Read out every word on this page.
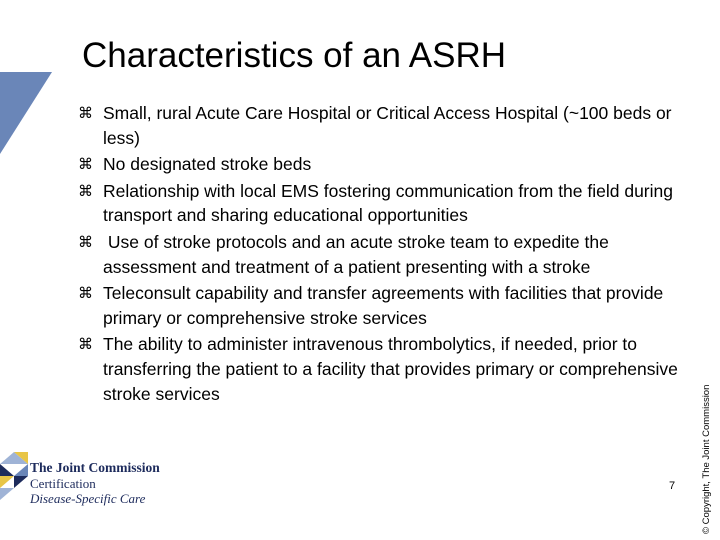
Characteristics of an ASRH
⌘ Small, rural Acute Care Hospital or Critical Access Hospital (~100 beds or less)
⌘ No designated stroke beds
⌘ Relationship with local EMS fostering communication from the field during transport and sharing educational opportunities
⌘ Use of stroke protocols and an acute stroke team to expedite the assessment and treatment of a patient presenting with a stroke
⌘ Teleconsult capability and transfer agreements with facilities that provide primary or comprehensive stroke services
⌘ The ability to administer intravenous thrombolytics, if needed, prior to transferring the patient to a facility that provides primary or comprehensive stroke services	© Copyright, The Joint Commission
7
The Joint Commission
Certification
Disease-Specific Care
